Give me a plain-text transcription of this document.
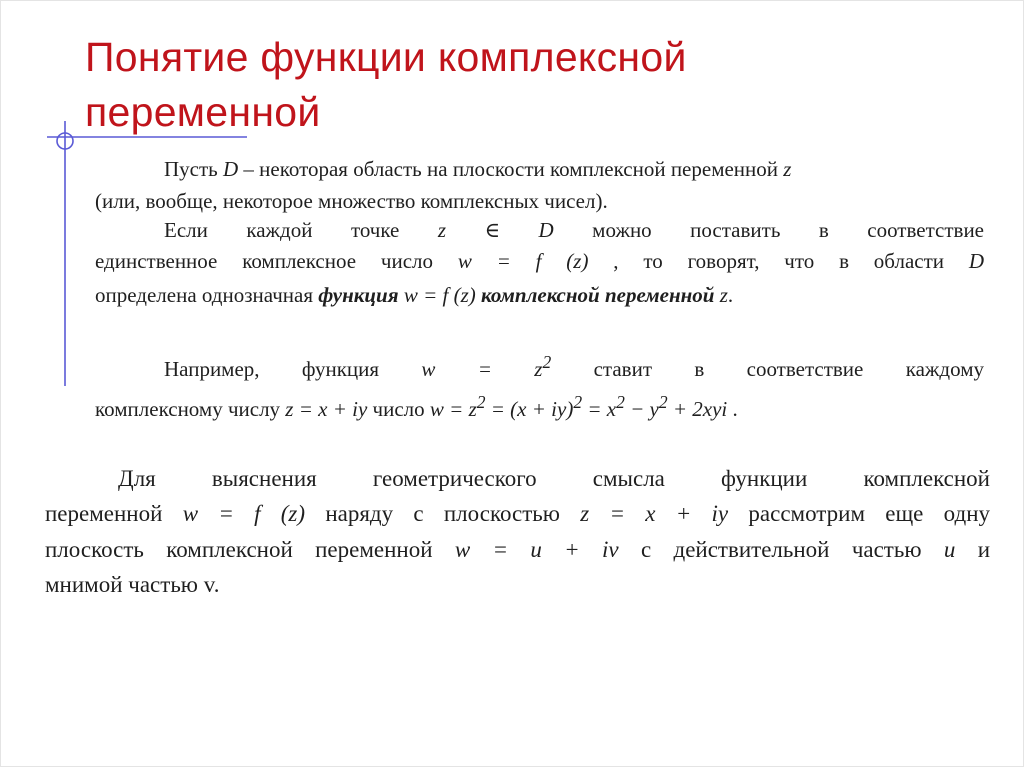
Понятие функции комплексной
переменной
Пусть D – некоторая область на плоскости комплексной переменной z
(или, вообще, некоторое множество комплексных чисел).
Если каждой точке z ∈ D можно поставить в соответствие
единственное комплексное число w = f (z) , то говорят, что в области D
определена однозначная функция w = f (z) комплексной переменной z.
Например, функция $w = z^2$ ставит в соответствие каждому
комплексному числу z = x + iy число $w = z^2 = (x + iy)^2 = x^2 - y^2 + 2xyi$ .
Для выяснения геометрического смысла функции комплексной
переменной w = f (z) наряду с плоскостью z = x + iy рассмотрим еще одну
плоскость комплексной переменной w = u + iv с действительной частью u и
мнимой частью v.
